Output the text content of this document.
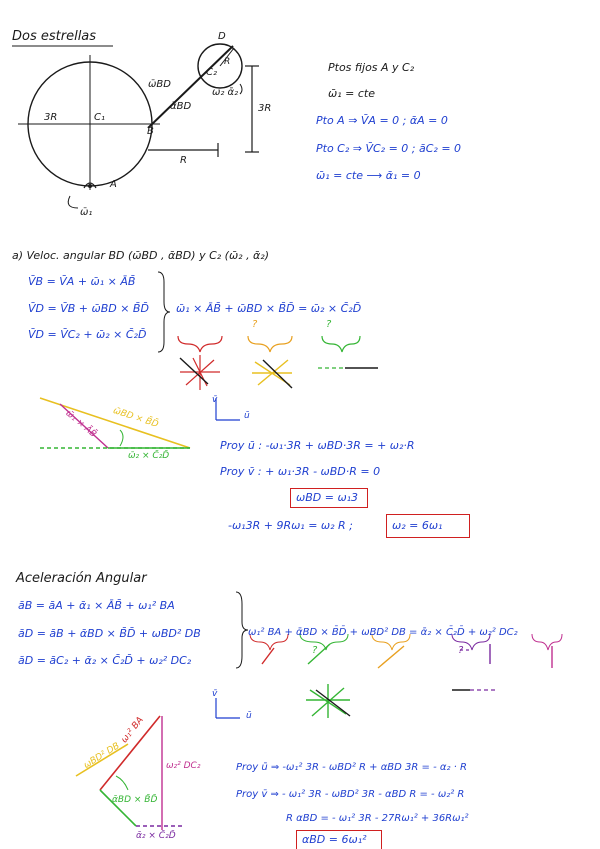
Dos estrellas	D
C₂
R
ω̄BD
ᾱBD
ω̄₂ ᾱ₂
3R	C₁
B
A
3R
R
ω̄₁
Ptos fijos A y C₂
ω̄₁ = cte
Pto A ⇒ V̄A = 0 ; ᾱA = 0
Pto C₂ ⇒ V̄C₂ = 0 ; āC₂ = 0
ω̄₁ = cte ⟶ ᾱ₁ = 0
a) Veloc. angular BD (ω̄BD , ᾱBD) y C₂ (ω̄₂ , ᾱ₂)
V̄B = V̄A + ω̄₁ × ĀB̄
V̄D = V̄B + ω̄BD × B̄D̄
V̄D = V̄C₂ + ω̄₂ × C̄₂D̄
ω̄₁ × ĀB̄ + ω̄BD × B̄D̄ = ω̄₂ × C̄₂D̄
?	?
ω̄BD × B̄D̄
ω̄₁ × ĀB̄
ω̄₂ × C̄₂D̄
v̄
ū
Proy ū : -ω₁·3R + ωBD·3R = + ω₂·R
Proy v̄ : + ω₁·3R - ωBD·R = 0
ωBD = ω₁3
-ω₁3R + 9Rω₁ = ω₂ R ;	ω₂ = 6ω₁
Aceleración Angular
āB = āA + ᾱ₁ × ĀB̄ + ω₁² BA
āD = āB + ᾱBD × B̄D̄ + ωBD² DB
āD = āC₂ + ᾱ₂ × C̄₂D̄ + ω₂² DC₂
ω₁² BA + ᾱBD × B̄D̄ + ωBD² DB = ᾱ₂ × C̄₂D̄ + ω₂² DC₂
?	?
v̄
ū
ω₁² BA
ωBD² DB
ᾱBD × B̄D̄
ω₂² DC₂
ᾱ₂ × C̄₂D̄
Proy ū ⇒ -ω₁² 3R - ωBD² R + αBD 3R = - α₂ · R
Proy v̄ ⇒ - ω₁² 3R - ωBD² 3R - αBD R = - ω₂² R
R αBD = - ω₁² 3R - 27Rω₁² + 36Rω₁²
αBD = 6ω₁²
